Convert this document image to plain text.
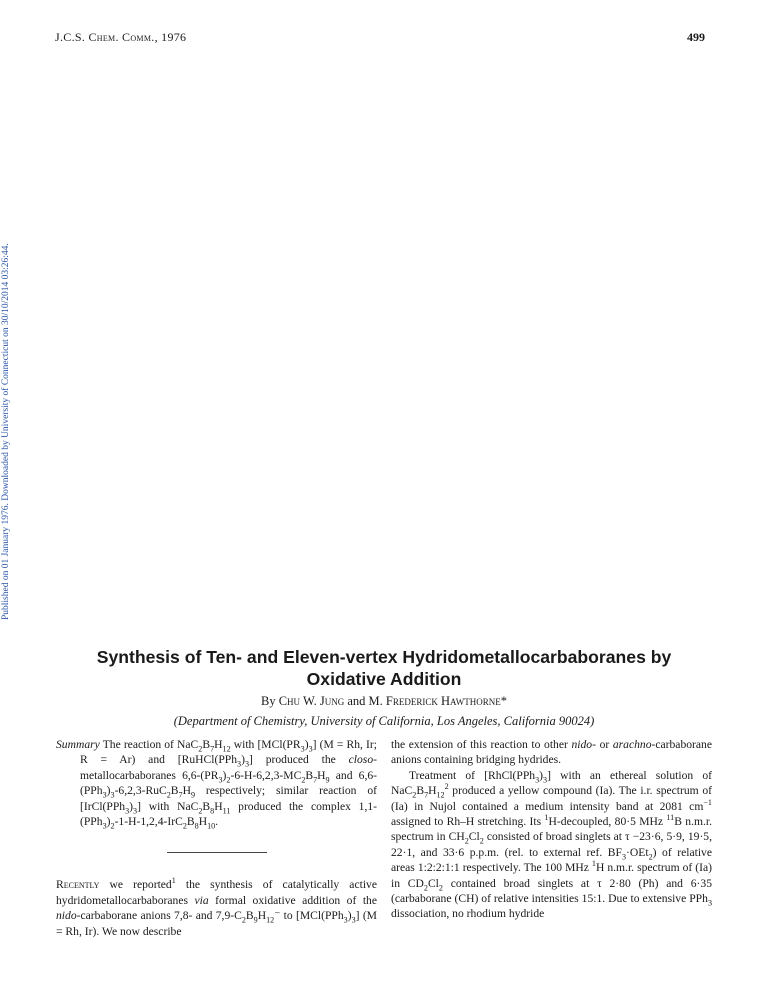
J.C.S. Chem. Comm., 1976	499
Published on 01 January 1976. Downloaded by University of Connecticut on 30/10/2014 03:26:44.
Synthesis of Ten- and Eleven-vertex Hydridometallocarbaboranes by
Oxidative Addition
By Chu W. Jung and M. Frederick Hawthorne*
(Department of Chemistry, University of California, Los Angeles, California 90024)
Summary The reaction of $NaC_2B_7H_{12}$ with $[MCl(PR_3)_3] (M = Rh$, Ir; R = Ar) and $[RuHCl(PPh_3)_3]$ produced the closo-metallocarbaboranes $6,6-(PR_3)_2-6-H-6,2,3-MC_2B_7H_9$ and $6,6-(PPh_3)_3-6,2,3-RuC_2B_7H_9$ respectively; similar reaction of $[IrCl(PPh_3)_3]$ with $NaC_2B_8H_{11}$ produced the complex $1,1-(PPh_3)_2-1-H-1,2,4-IrC_2B_8H_{10}$.

Recently we reported$^1$ the synthesis of catalytically active hydridometallocarbaboranes via formal oxidative addition of the nido-carbaborane anions 7,8- and $7,9-C_2B_9H_{12}^-$ to $[MCl(PPh_3)_3] (M = Rh$, Ir). We now describe

the extension of this reaction to other nido- or arachno-carbaborane anions containing bridging hydrides.

Treatment of $[RhCl(PPh_3)_3]$ with an ethereal solution of $NaC_2B_7H_{12}^2$ produced a yellow compound (Ia). The i.r. spectrum of (Ia) in Nujol contained a medium intensity band at 2081 $cm^{-1}$ assigned to Rh–H stretching. Its $^1$H-decoupled, 80·5 MHz $^{11}$B n.m.r. spectrum in $CH_2Cl_2$ consisted of broad singlets at τ −23·6, 5·9, 19·5, 22·1, and 33·6 p.p.m. (rel. to external ref. $BF_3\cdot OEt_2$) of relative areas 1:2:2:1:1 respectively. The 100 MHz $^1$H n.m.r. spectrum of (Ia) in $CD_2Cl_2$ contained broad singlets at τ 2·80 (Ph) and 6·35 (carbaborane (CH) of relative intensities 15:1. Due to extensive PPh$_3$ dissociation, no rhodium hydride
